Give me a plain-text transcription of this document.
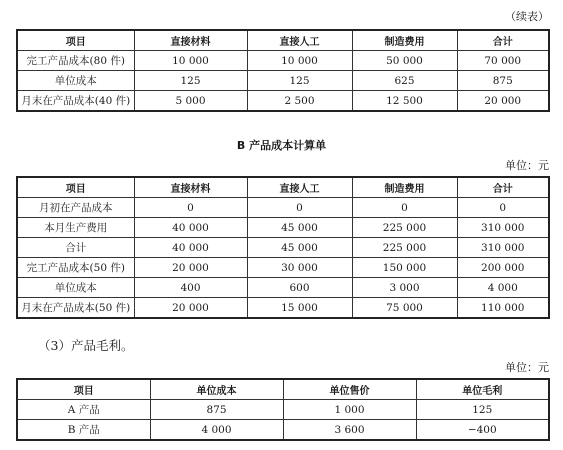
（续表）
项目	直接材料	直接人工	制造费用	合计
完工产品成本(80 件)	10 000	10 000	50 000	70 000
单位成本	125	125	625	875
月末在产品成本(40 件)	5 000	2 500	12 500	20 000
B 产品成本计算单
单位：元
项目	直接材料	直接人工	制造费用	合计
月初在产品成本	0	0	0	0
本月生产费用	40 000	45 000	225 000	310 000
合计	40 000	45 000	225 000	310 000
完工产品成本(50 件)	20 000	30 000	150 000	200 000
单位成本	400	600	3 000	4 000
月末在产品成本(50 件)	20 000	15 000	75 000	110 000
（3）产品毛利。
单位：元
项目	单位成本	单位售价	单位毛利
A 产品	875	1 000	125
B 产品	4 000	3 600	−400
